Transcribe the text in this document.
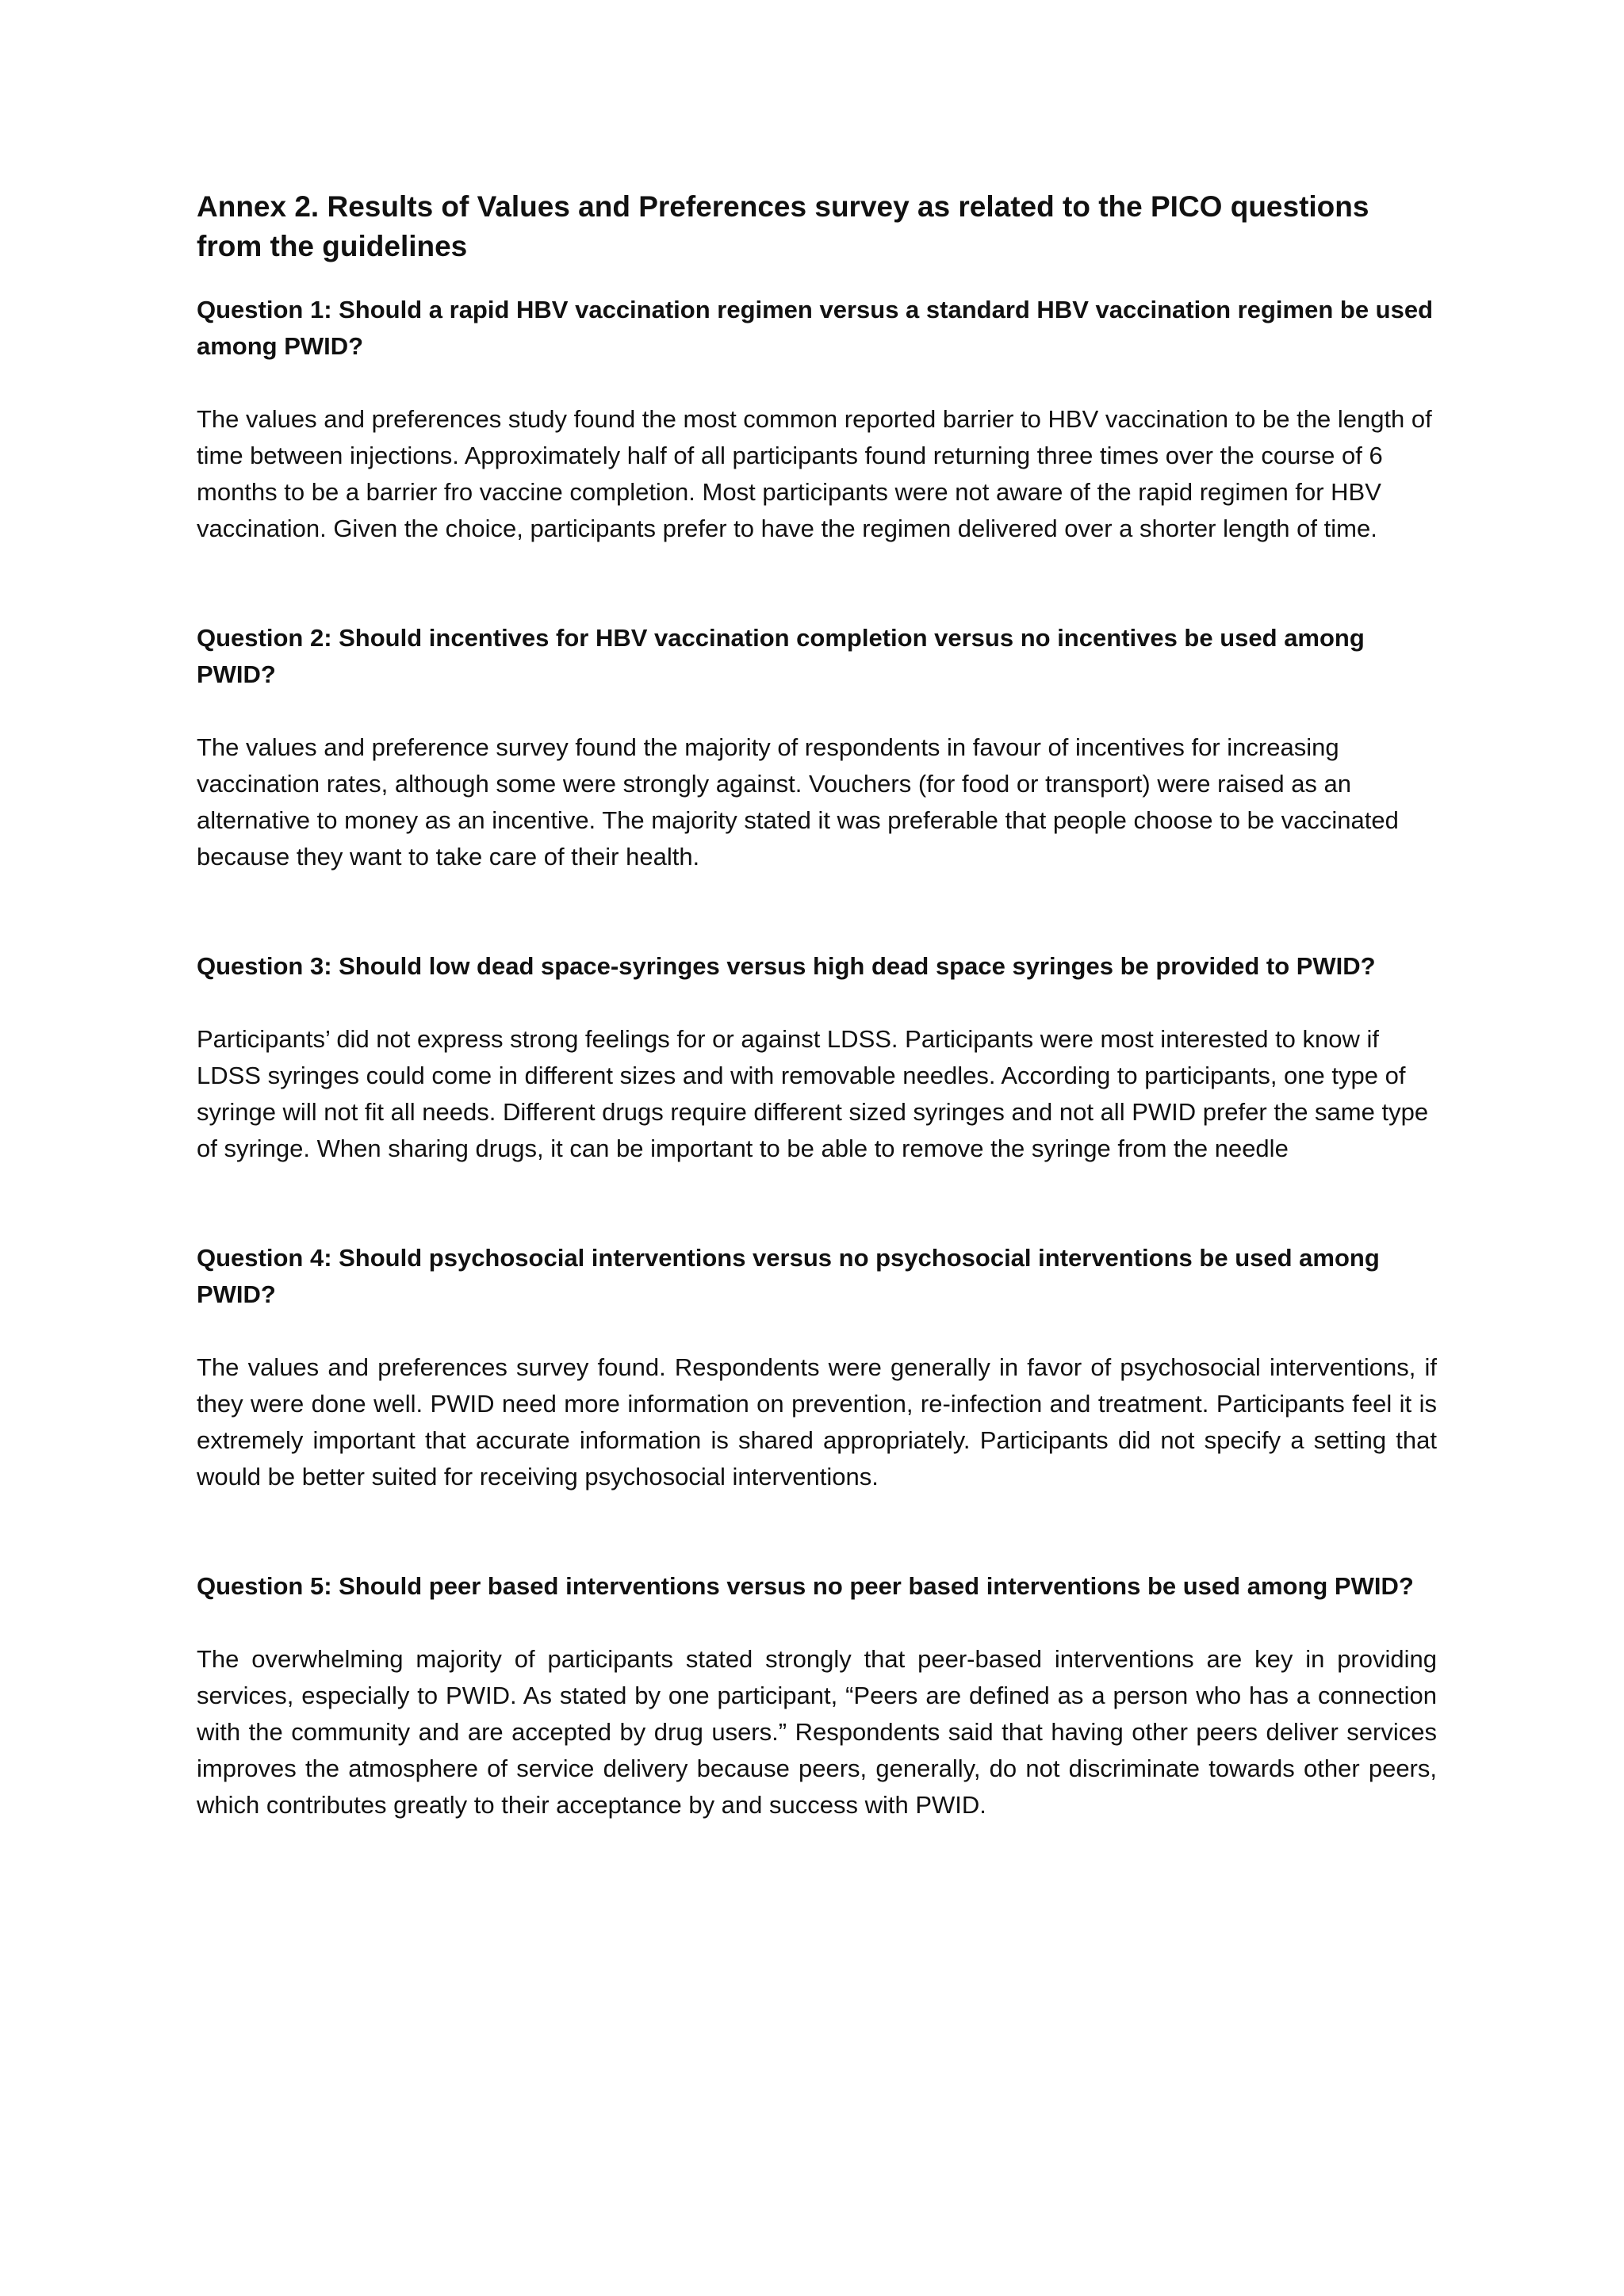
Annex 2. Results of Values and Preferences survey as related to the PICO questions from the guidelines

Question 1: Should a rapid HBV vaccination regimen versus a standard HBV vaccination regimen be used among PWID?

The values and preferences study found the most common reported barrier to HBV vaccination to be the length of time between injections. Approximately half of all participants found returning three times over the course of 6 months to be a barrier fro vaccine completion. Most participants were not aware of the rapid regimen for HBV vaccination. Given the choice, participants prefer to have the regimen delivered over a shorter length of time.

Question 2: Should incentives for HBV vaccination completion versus no incentives be used among PWID?

The values and preference survey found the majority of respondents in favour of incentives for increasing vaccination rates, although some were strongly against. Vouchers (for food or transport) were raised as an alternative to money as an incentive. The majority stated it was preferable that people choose to be vaccinated because they want to take care of their health.

Question 3: Should low dead space-syringes versus high dead space syringes be provided to PWID?

Participants’ did not express strong feelings for or against LDSS. Participants were most interested to know if LDSS syringes could come in different sizes and with removable needles. According to participants, one type of syringe will not fit all needs. Different drugs require different sized syringes and not all PWID prefer the same type of syringe. When sharing drugs, it can be important to be able to remove the syringe from the needle

Question 4: Should psychosocial interventions versus no psychosocial interventions be used among PWID?

The values and preferences survey found. Respondents were generally in favor of psychosocial interventions, if they were done well. PWID need more information on prevention, re-infection and treatment. Participants feel it is extremely important that accurate information is shared appropriately. Participants did not specify a setting that would be better suited for receiving psychosocial interventions.

Question 5: Should peer based interventions versus no peer based interventions be used among PWID?

The overwhelming majority of participants stated strongly that peer-based interventions are key in providing services, especially to PWID. As stated by one participant, “Peers are defined as a person who has a connection with the community and are accepted by drug users.” Respondents said that having other peers deliver services improves the atmosphere of service delivery because peers, generally, do not discriminate towards other peers, which contributes greatly to their acceptance by and success with PWID.
